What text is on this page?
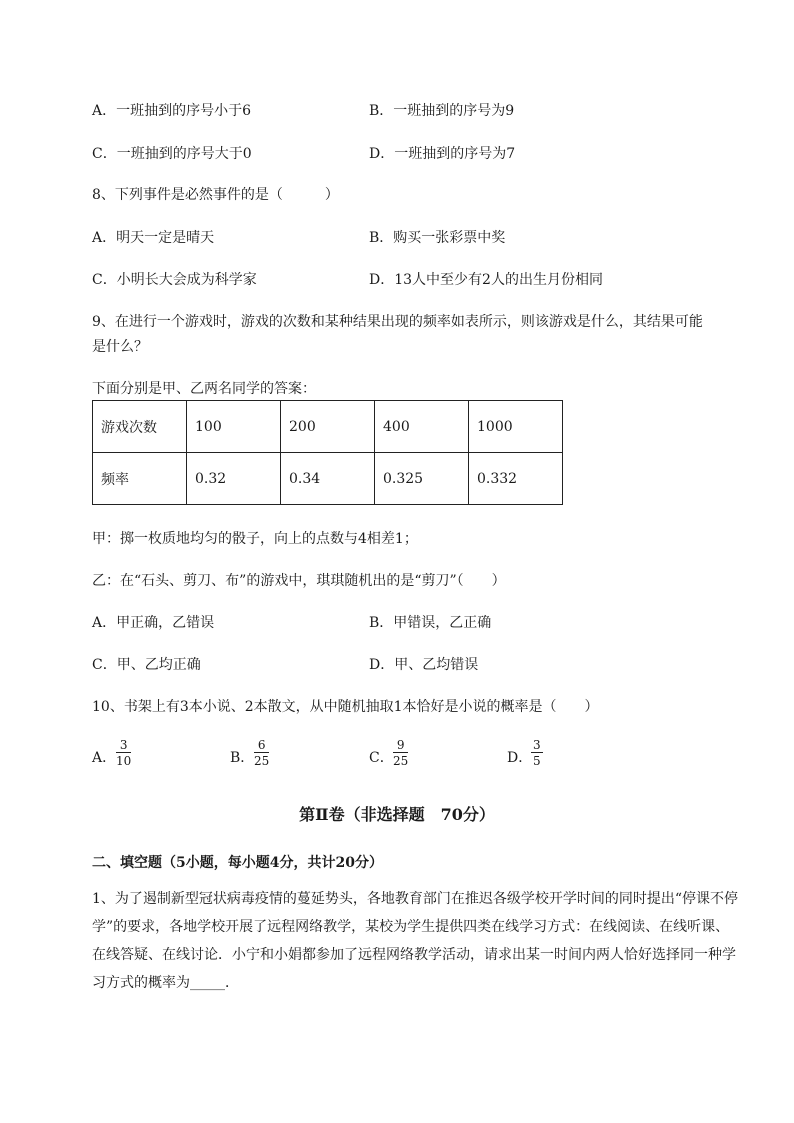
A．一班抽到的序号小于6	B．一班抽到的序号为9
C．一班抽到的序号大于0	D．一班抽到的序号为7
8、下列事件是必然事件的是（　　　）
A．明天一定是晴天	B．购买一张彩票中奖
C．小明长大会成为科学家	D．13人中至少有2人的出生月份相同
9、在进行一个游戏时，游戏的次数和某种结果出现的频率如表所示，则该游戏是什么，其结果可能
是什么？
下面分别是甲、乙两名同学的答案：
游戏次数	100	200	400	1000
频率	0.32	0.34	0.325	0.332
甲：掷一枚质地均匀的骰子，向上的点数与4相差1；
乙：在“石头、剪刀、布”的游戏中，琪琪随机出的是“剪刀”（　　）
A．甲正确，乙错误	B．甲错误，乙正确
C．甲、乙均正确	D．甲、乙均错误
10、书架上有3本小说、2本散文，从中随机抽取1本恰好是小说的概率是（　　）
A． $\frac{3}{10}$	B． $\frac{6}{25}$	C． $\frac{9}{25}$	D．
$\frac{3}{5}$
第Ⅱ卷（非选择题　70分）
二、填空题（5小题，每小题4分，共计20分）
1、为了遏制新型冠状病毒疫情的蔓延势头，各地教育部门在推迟各级学校开学时间的同时提出“停课不停学”的要求，各地学校开展了远程网络教学，某校为学生提供四类在线学习方式：在线阅读、在线听课、在线答疑、在线讨论．小宁和小娟都参加了远程网络教学活动，请求出某一时间内两人恰好选择同一种学习方式的概率为_____．
